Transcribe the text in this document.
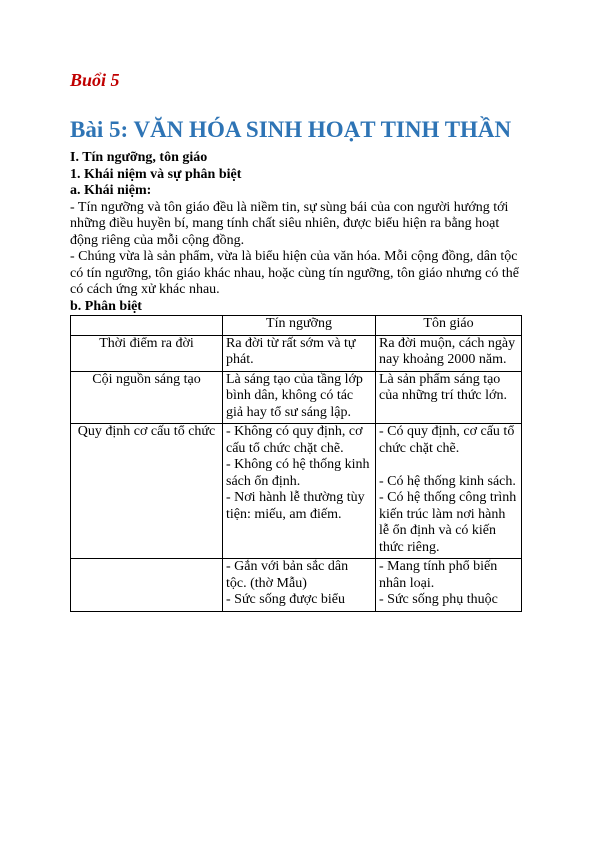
Buổi 5
Bài 5: VĂN HÓA SINH HOẠT TINH THẦN

I. Tín ngưỡng, tôn giáo

1. Khái niệm và sự phân biệt

a. Khái niệm:

- Tín ngưỡng và tôn giáo đều là niềm tin, sự sùng bái của con người hướng tới những điều huyền bí, mang tính chất siêu nhiên, được biểu hiện ra bằng hoạt động riêng của mỗi cộng đồng.

- Chúng vừa là sản phẩm, vừa là biểu hiện của văn hóa. Mỗi cộng đồng, dân tộc có tín ngưỡng, tôn giáo khác nhau, hoặc cùng tín ngưỡng, tôn giáo nhưng có thể có cách ứng xử khác nhau.

b. Phân biệt

	Tín ngưỡng	Tôn giáo
Thời điểm ra đời	Ra đời từ rất sớm và tự phát.	Ra đời muộn, cách ngày nay khoảng 2000 năm.

Cội nguồn sáng tạo	Là sáng tạo của tầng lớp bình dân, không có tác giả hay tổ sư sáng lập.	Là sản phẩm sáng tạo của những trí thức lớn.

Quy định cơ cấu tổ chức	- Không có quy định, cơ cấu tổ chức chặt chẽ.
- Không có hệ thống kinh sách ổn định.
- Nơi hành lễ thường tùy tiện: miếu, am điếm.	- Có quy định, cơ cấu tổ chức chặt chẽ.
- Có hệ thống kinh sách.
- Có hệ thống công trình kiến trúc làm nơi hành lễ ổn định và có kiến thức riêng.

	- Gắn với bản sắc dân tộc. (thờ Mẫu)
- Sức sống được biểu	- Mang tính phổ biến nhân loại.
- Sức sống phụ thuộc
